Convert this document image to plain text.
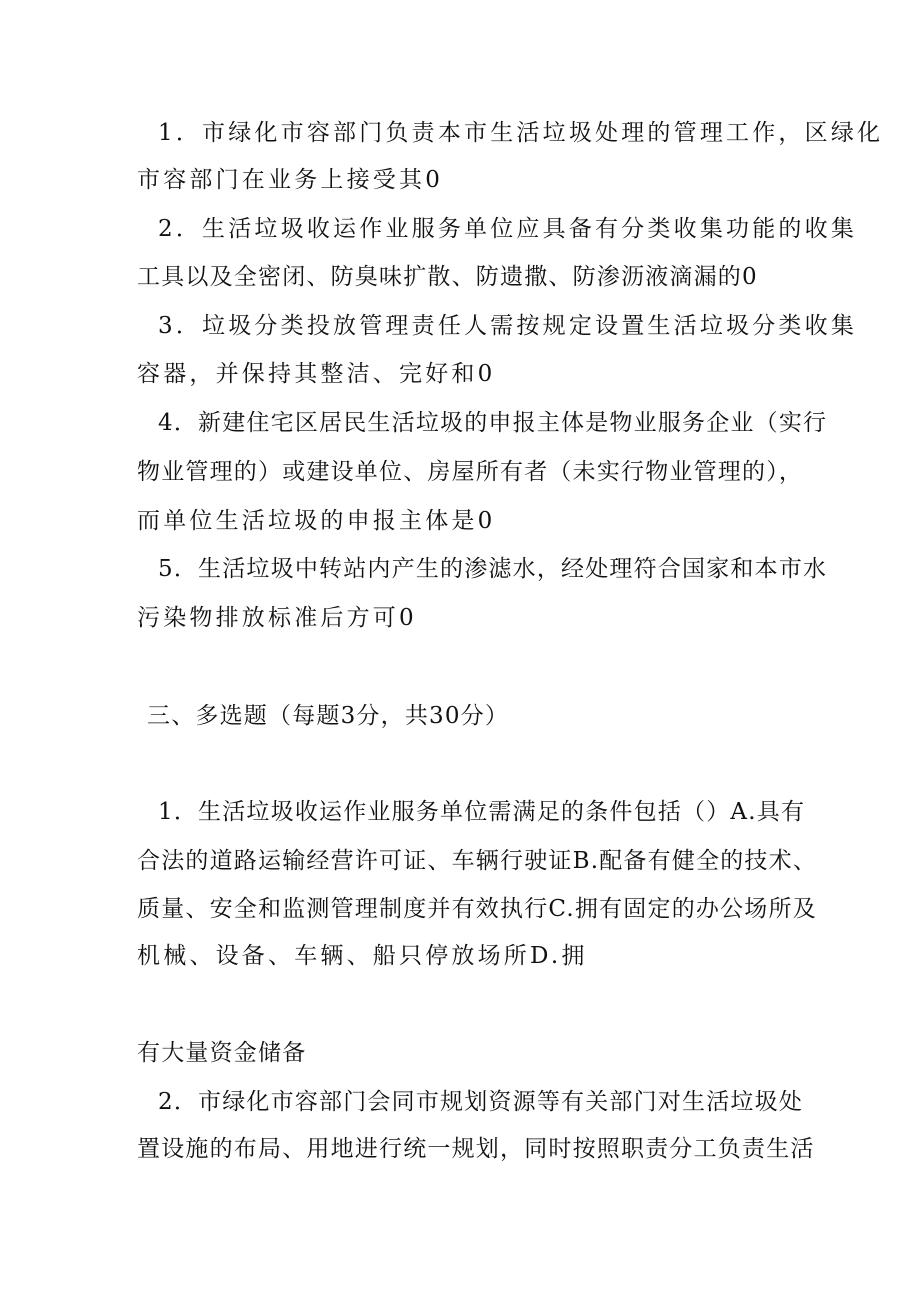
1．市绿化市容部门负责本市生活垃圾处理的管理工作，区绿化
市容部门在业务上接受其0
2．生活垃圾收运作业服务单位应具备有分类收集功能的收集
工具以及全密闭、防臭味扩散、防遗撒、防渗沥液滴漏的0
3．垃圾分类投放管理责任人需按规定设置生活垃圾分类收集
容器，并保持其整洁、完好和0
4．新建住宅区居民生活垃圾的申报主体是物业服务企业（实行
物业管理的）或建设单位、房屋所有者（未实行物业管理的），
而单位生活垃圾的申报主体是0
5．生活垃圾中转站内产生的渗滤水，经处理符合国家和本市水
污染物排放标准后方可0
三、多选题（每题3分，共30分）
1．生活垃圾收运作业服务单位需满足的条件包括（）A.具有
合法的道路运输经营许可证、车辆行驶证B.配备有健全的技术、
质量、安全和监测管理制度并有效执行C.拥有固定的办公场所及
机械、设备、车辆、船只停放场所D.拥
有大量资金储备
2．市绿化市容部门会同市规划资源等有关部门对生活垃圾处
置设施的布局、用地进行统一规划，同时按照职责分工负责生活
